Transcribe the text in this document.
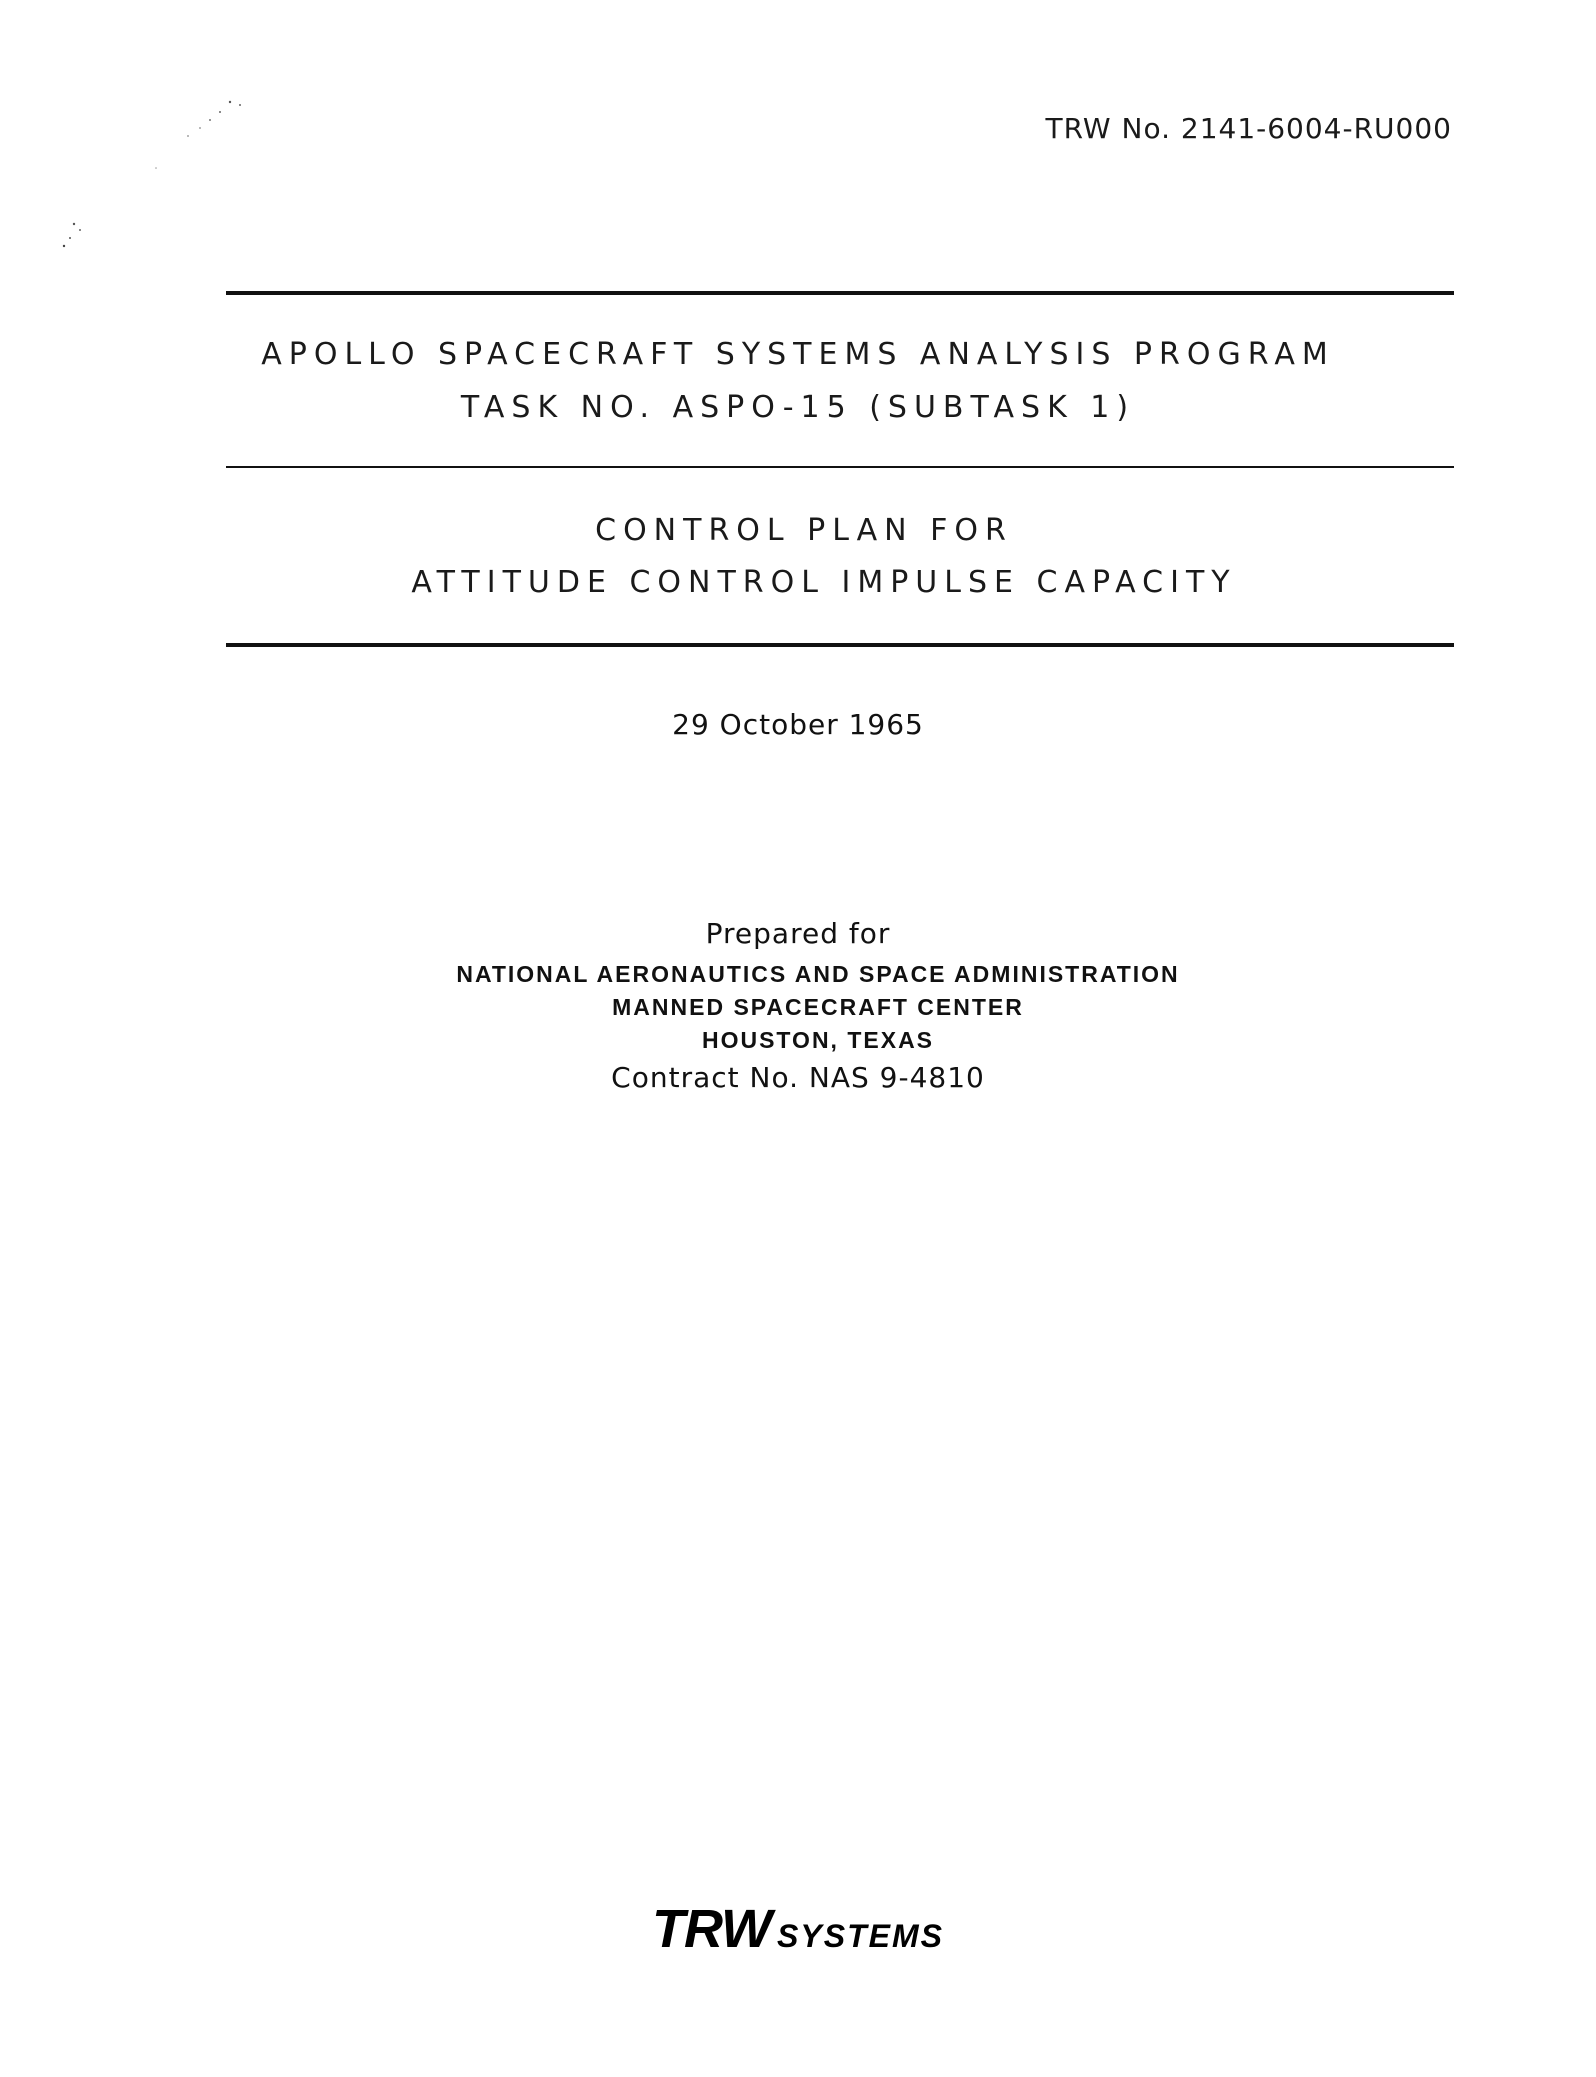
TRW No. 2141-6004-RU000
APOLLO SPACECRAFT SYSTEMS ANALYSIS PROGRAM
TASK NO. ASPO-15 (SUBTASK 1)
CONTROL PLAN FOR
ATTITUDE CONTROL IMPULSE CAPACITY
29 October 1965
Prepared for
NATIONAL AERONAUTICS AND SPACE ADMINISTRATION
MANNED SPACECRAFT CENTER
HOUSTON, TEXAS
Contract No. NAS 9-4810
TRW SYSTEMS
